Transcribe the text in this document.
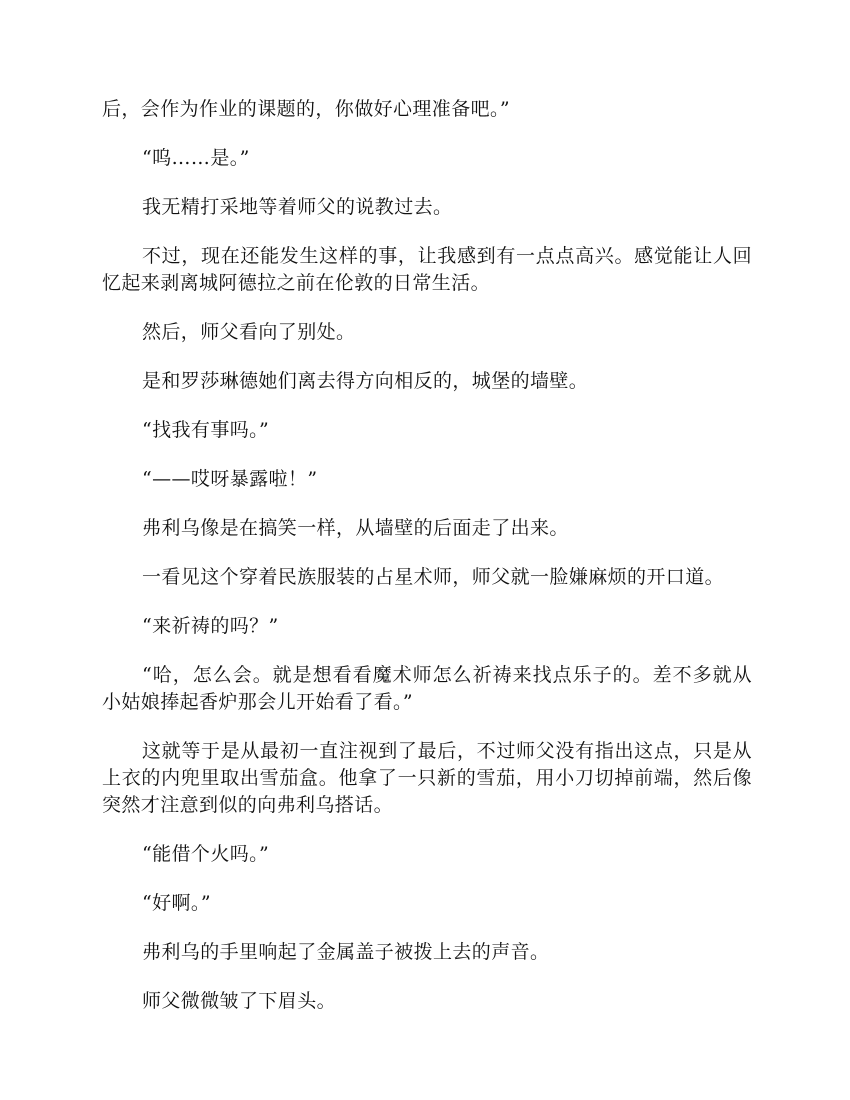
后，会作为作业的课题的，你做好心理准备吧。”

“呜……是。”

我无精打采地等着师父的说教过去。

不过，现在还能发生这样的事，让我感到有一点点高兴。感觉能让人回忆起来剥离城阿德拉之前在伦敦的日常生活。

然后，师父看向了别处。

是和罗莎琳德她们离去得方向相反的，城堡的墙壁。

“找我有事吗。”

“——哎呀暴露啦！”

弗利乌像是在搞笑一样，从墙壁的后面走了出来。

一看见这个穿着民族服装的占星术师，师父就一脸嫌麻烦的开口道。

“来祈祷的吗？”

“哈，怎么会。就是想看看魔术师怎么祈祷来找点乐子的。差不多就从小姑娘捧起香炉那会儿开始看了看。”

这就等于是从最初一直注视到了最后，不过师父没有指出这点，只是从上衣的内兜里取出雪茄盒。他拿了一只新的雪茄，用小刀切掉前端，然后像突然才注意到似的向弗利乌搭话。

“能借个火吗。”

“好啊。”

弗利乌的手里响起了金属盖子被拨上去的声音。

师父微微皱了下眉头。
